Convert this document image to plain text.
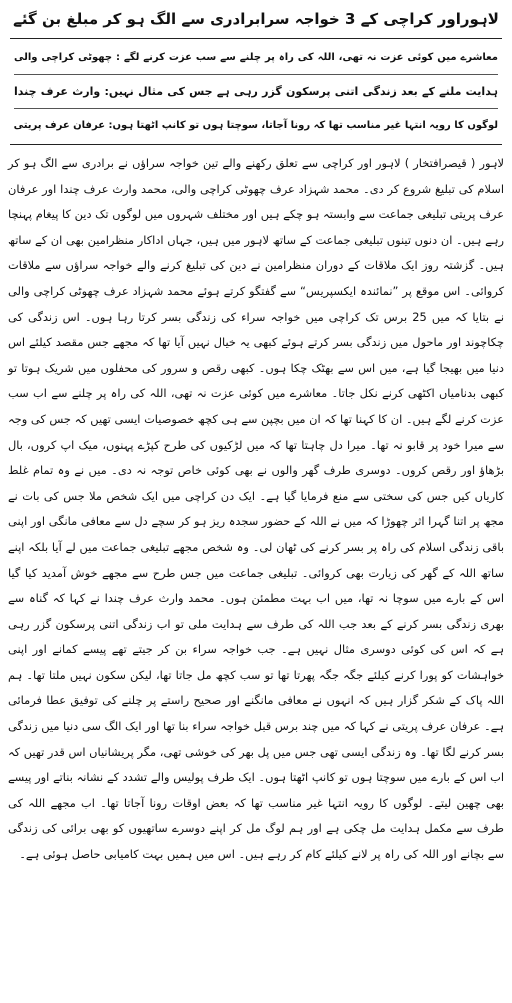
لاہوراور کراچی کے 3 خواجہ سرابرادری سے الگ ہو کر مبلغ بن گئے
معاشرے میں کوئی عزت نہ تھی، اللہ کی راہ پر چلنے سے سب عزت کرنے لگے : چھوٹی کراچی والی
ہدایت ملنے کے بعد زندگی اتنی پرسکون گزر رہی ہے جس کی مثال نہیں: وارث عرف چندا
لوگوں کا رویہ انتہا غیر مناسب تھا کہ رونا آجاتا، سوچتا ہوں تو کانپ اٹھتا ہوں: عرفان عرف پریتی

لاہور ( قیصرافتخار ) لاہور اور کراچی سے تعلق رکھنے والے تین خواجہ سراؤں نے برادری سے الگ ہو کر اسلام کی تبلیغ شروع کر دی۔ محمد شہزاد عرف چھوٹی کراچی والی، محمد وارث عرف چندا اور عرفان عرف پریتی تبلیغی جماعت سے وابستہ ہو چکے ہیں اور مختلف شہروں میں لوگوں تک دین کا پیغام پہنچا رہے ہیں۔ ان دنوں تینوں تبلیغی جماعت کے ساتھ لاہور میں ہیں، جہاں اداکار منظرامین بھی ان کے ساتھ ہیں۔ گزشتہ روز ایک ملاقات کے دوران منظرامین نے دین کی تبلیغ کرنے والے خواجہ سراؤں سے ملاقات کروائی۔ اس موقع پر ”نمائندہ ایکسپریس“ سے گفتگو کرتے ہوئے محمد شہزاد عرف چھوٹی کراچی والی نے بتایا کہ میں 25 برس تک کراچی میں خواجہ سراء کی زندگی بسر کرتا رہا ہوں۔ اس زندگی کی چکاچوند اور ماحول میں زندگی بسر کرتے ہوئے کبھی یہ خیال نہیں آیا تھا کہ مجھے جس مقصد کیلئے اس دنیا میں بھیجا گیا ہے، میں اس سے بھٹک چکا ہوں۔ کبھی رقص و سرور کی محفلوں میں شریک ہوتا تو کبھی بدنامیاں اکٹھی کرنے نکل جاتا۔ معاشرے میں کوئی عزت نہ تھی، اللہ کی راہ پر چلنے سے اب سب عزت کرنے لگے ہیں۔ ان کا کہنا تھا کہ ان میں بچپن سے ہی کچھ خصوصیات ایسی تھیں کہ جس کی وجہ سے میرا خود پر قابو نہ تھا۔ میرا دل چاہتا تھا کہ میں لڑکیوں کی طرح کپڑے پہنوں، میک اپ کروں، بال بڑھاؤ اور رقص کروں۔ دوسری طرف گھر والوں نے بھی کوئی خاص توجہ نہ دی۔ میں نے وہ تمام غلط کاریاں کیں جس کی سختی سے منع فرمایا گیا ہے۔ ایک دن کراچی میں ایک شخص ملا جس کی بات نے مجھ پر اتنا گہرا اثر چھوڑا کہ میں نے اللہ کے حضور سجدہ ریز ہو کر سچے دل سے معافی مانگی اور اپنی باقی زندگی اسلام کی راہ پر بسر کرنے کی ٹھان لی۔ وہ شخص مجھے تبلیغی جماعت میں لے آیا بلکہ اپنے ساتھ اللہ کے گھر کی زیارت بھی کروائی۔ تبلیغی جماعت میں جس طرح سے مجھے خوش آمدید کیا گیا اس کے بارے میں سوچا نہ تھا، میں اب بہت مطمئن ہوں۔ محمد وارث عرف چندا نے کہا کہ گناہ سے بھری زندگی بسر کرنے کے بعد جب اللہ کی طرف سے ہدایت ملی تو اب زندگی اتنی پرسکون گزر رہی ہے کہ اس کی کوئی دوسری مثال نہیں ہے۔ جب خواجہ سراء بن کر جیتے تھے پیسے کمانے اور اپنی خواہشات کو پورا کرنے کیلئے جگہ جگہ پھرتا تھا تو سب کچھ مل جاتا تھا، لیکن سکون نہیں ملتا تھا۔ ہم اللہ پاک کے شکر گزار ہیں کہ انہوں نے معافی مانگنے اور صحیح راستے پر چلنے کی توفیق عطا فرمائی ہے۔ عرفان عرف پریتی نے کہا کہ میں چند برس قبل خواجہ سراء بنا تھا اور ایک الگ سی دنیا میں زندگی بسر کرنے لگا تھا۔ وہ زندگی ایسی تھی جس میں پل بھر کی خوشی تھی، مگر پریشانیاں اس قدر تھیں کہ اب اس کے بارے میں سوچتا ہوں تو کانپ اٹھتا ہوں۔ ایک طرف پولیس والے تشدد کے نشانہ بناتے اور پیسے بھی چھین لیتے۔ لوگوں کا رویہ انتہا غیر مناسب تھا کہ بعض اوقات رونا آجاتا تھا۔ اب مجھے اللہ کی طرف سے مکمل ہدایت مل چکی ہے اور ہم لوگ مل کر اپنے دوسرے ساتھیوں کو بھی برائی کی زندگی سے بچانے اور اللہ کی راہ پر لانے کیلئے کام کر رہے ہیں۔ اس میں ہمیں بہت کامیابی حاصل ہوئی ہے۔
